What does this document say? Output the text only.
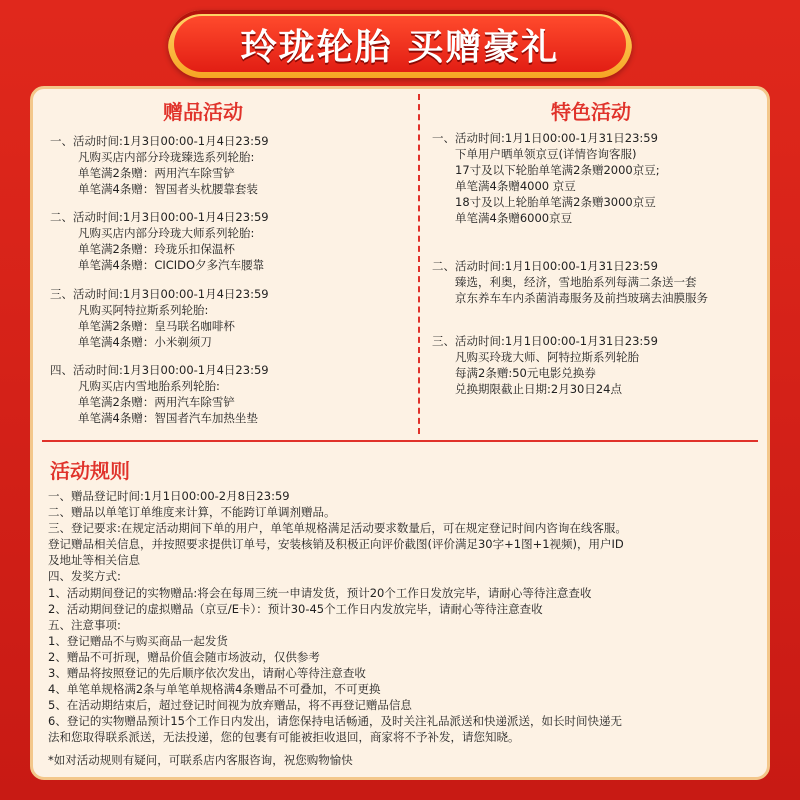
玲珑轮胎 买赠豪礼
赠品活动
一、活动时间:1月3日00:00-1月4日23:59
凡购买店内部分玲珑臻选系列轮胎:
单笔满2条赠：两用汽车除雪铲
单笔满4条赠：智国者头枕腰靠套装
二、活动时间:1月3日00:00-1月4日23:59
凡购买店内部分玲珑大师系列轮胎:
单笔满2条赠：玲珑乐扣保温杯
单笔满4条赠：CICIDO夕多汽车腰靠
三、活动时间:1月3日00:00-1月4日23:59
凡购买阿特拉斯系列轮胎:
单笔满2条赠：皇马联名咖啡杯
单笔满4条赠：小米剃须刀
四、活动时间:1月3日00:00-1月4日23:59
凡购买店内雪地胎系列轮胎:
单笔满2条赠：两用汽车除雪铲
单笔满4条赠：智国者汽车加热坐垫
特色活动
一、活动时间:1月1日00:00-1月31日23:59
下单用户晒单领京豆(详情咨询客服)
17寸及以下轮胎单笔满2条赠2000京豆;
单笔满4条赠4000 京豆
18寸及以上轮胎单笔满2条赠3000京豆
单笔满4条赠6000京豆
二、活动时间:1月1日00:00-1月31日23:59
臻选，利奥，经济，雪地胎系列每满二条送一套
京东养车车内杀菌消毒服务及前挡玻璃去油膜服务
三、活动时间:1月1日00:00-1月31日23:59
凡购买玲珑大师、阿特拉斯系列轮胎
每满2条赠:50元电影兑换券
兑换期限截止日期:2月30日24点
活动规则
一、赠品登记时间:1月1日00:00-2月8日23:59
二、赠品以单笔订单维度来计算，不能跨订单调剂赠品。
三、登记要求:在规定活动期间下单的用户，单笔单规格满足活动要求数量后，可在规定登记时间内咨询在线客服。
登记赠品相关信息，并按照要求提供订单号，安装核销及积极正向评价截图(评价满足30字+1图+1视频)，用户ID
及地址等相关信息
四、发奖方式:
1、活动期间登记的实物赠品:将会在每周三统一申请发货，预计20个工作日发放完毕，请耐心等待注意查收
2、活动期间登记的虚拟赠品（京豆/E卡）：预计30-45个工作日内发放完毕，请耐心等待注意查收
五、注意事项:
1、登记赠品不与购买商品一起发货
2、赠品不可折现，赠品价值会随市场波动，仅供参考
3、赠品将按照登记的先后顺序依次发出，请耐心等待注意查收
4、单笔单规格满2条与单笔单规格满4条赠品不可叠加，不可更换
5、在活动期结束后，超过登记时间视为放弃赠品，将不再登记赠品信息
6、登记的实物赠品预计15个工作日内发出，请您保持电话畅通，及时关注礼品派送和快递派送，如长时间快递无
法和您取得联系派送，无法投递，您的包裹有可能被拒收退回，商家将不予补发，请您知晓。
*如对活动规则有疑问，可联系店内客服咨询，祝您购物愉快
